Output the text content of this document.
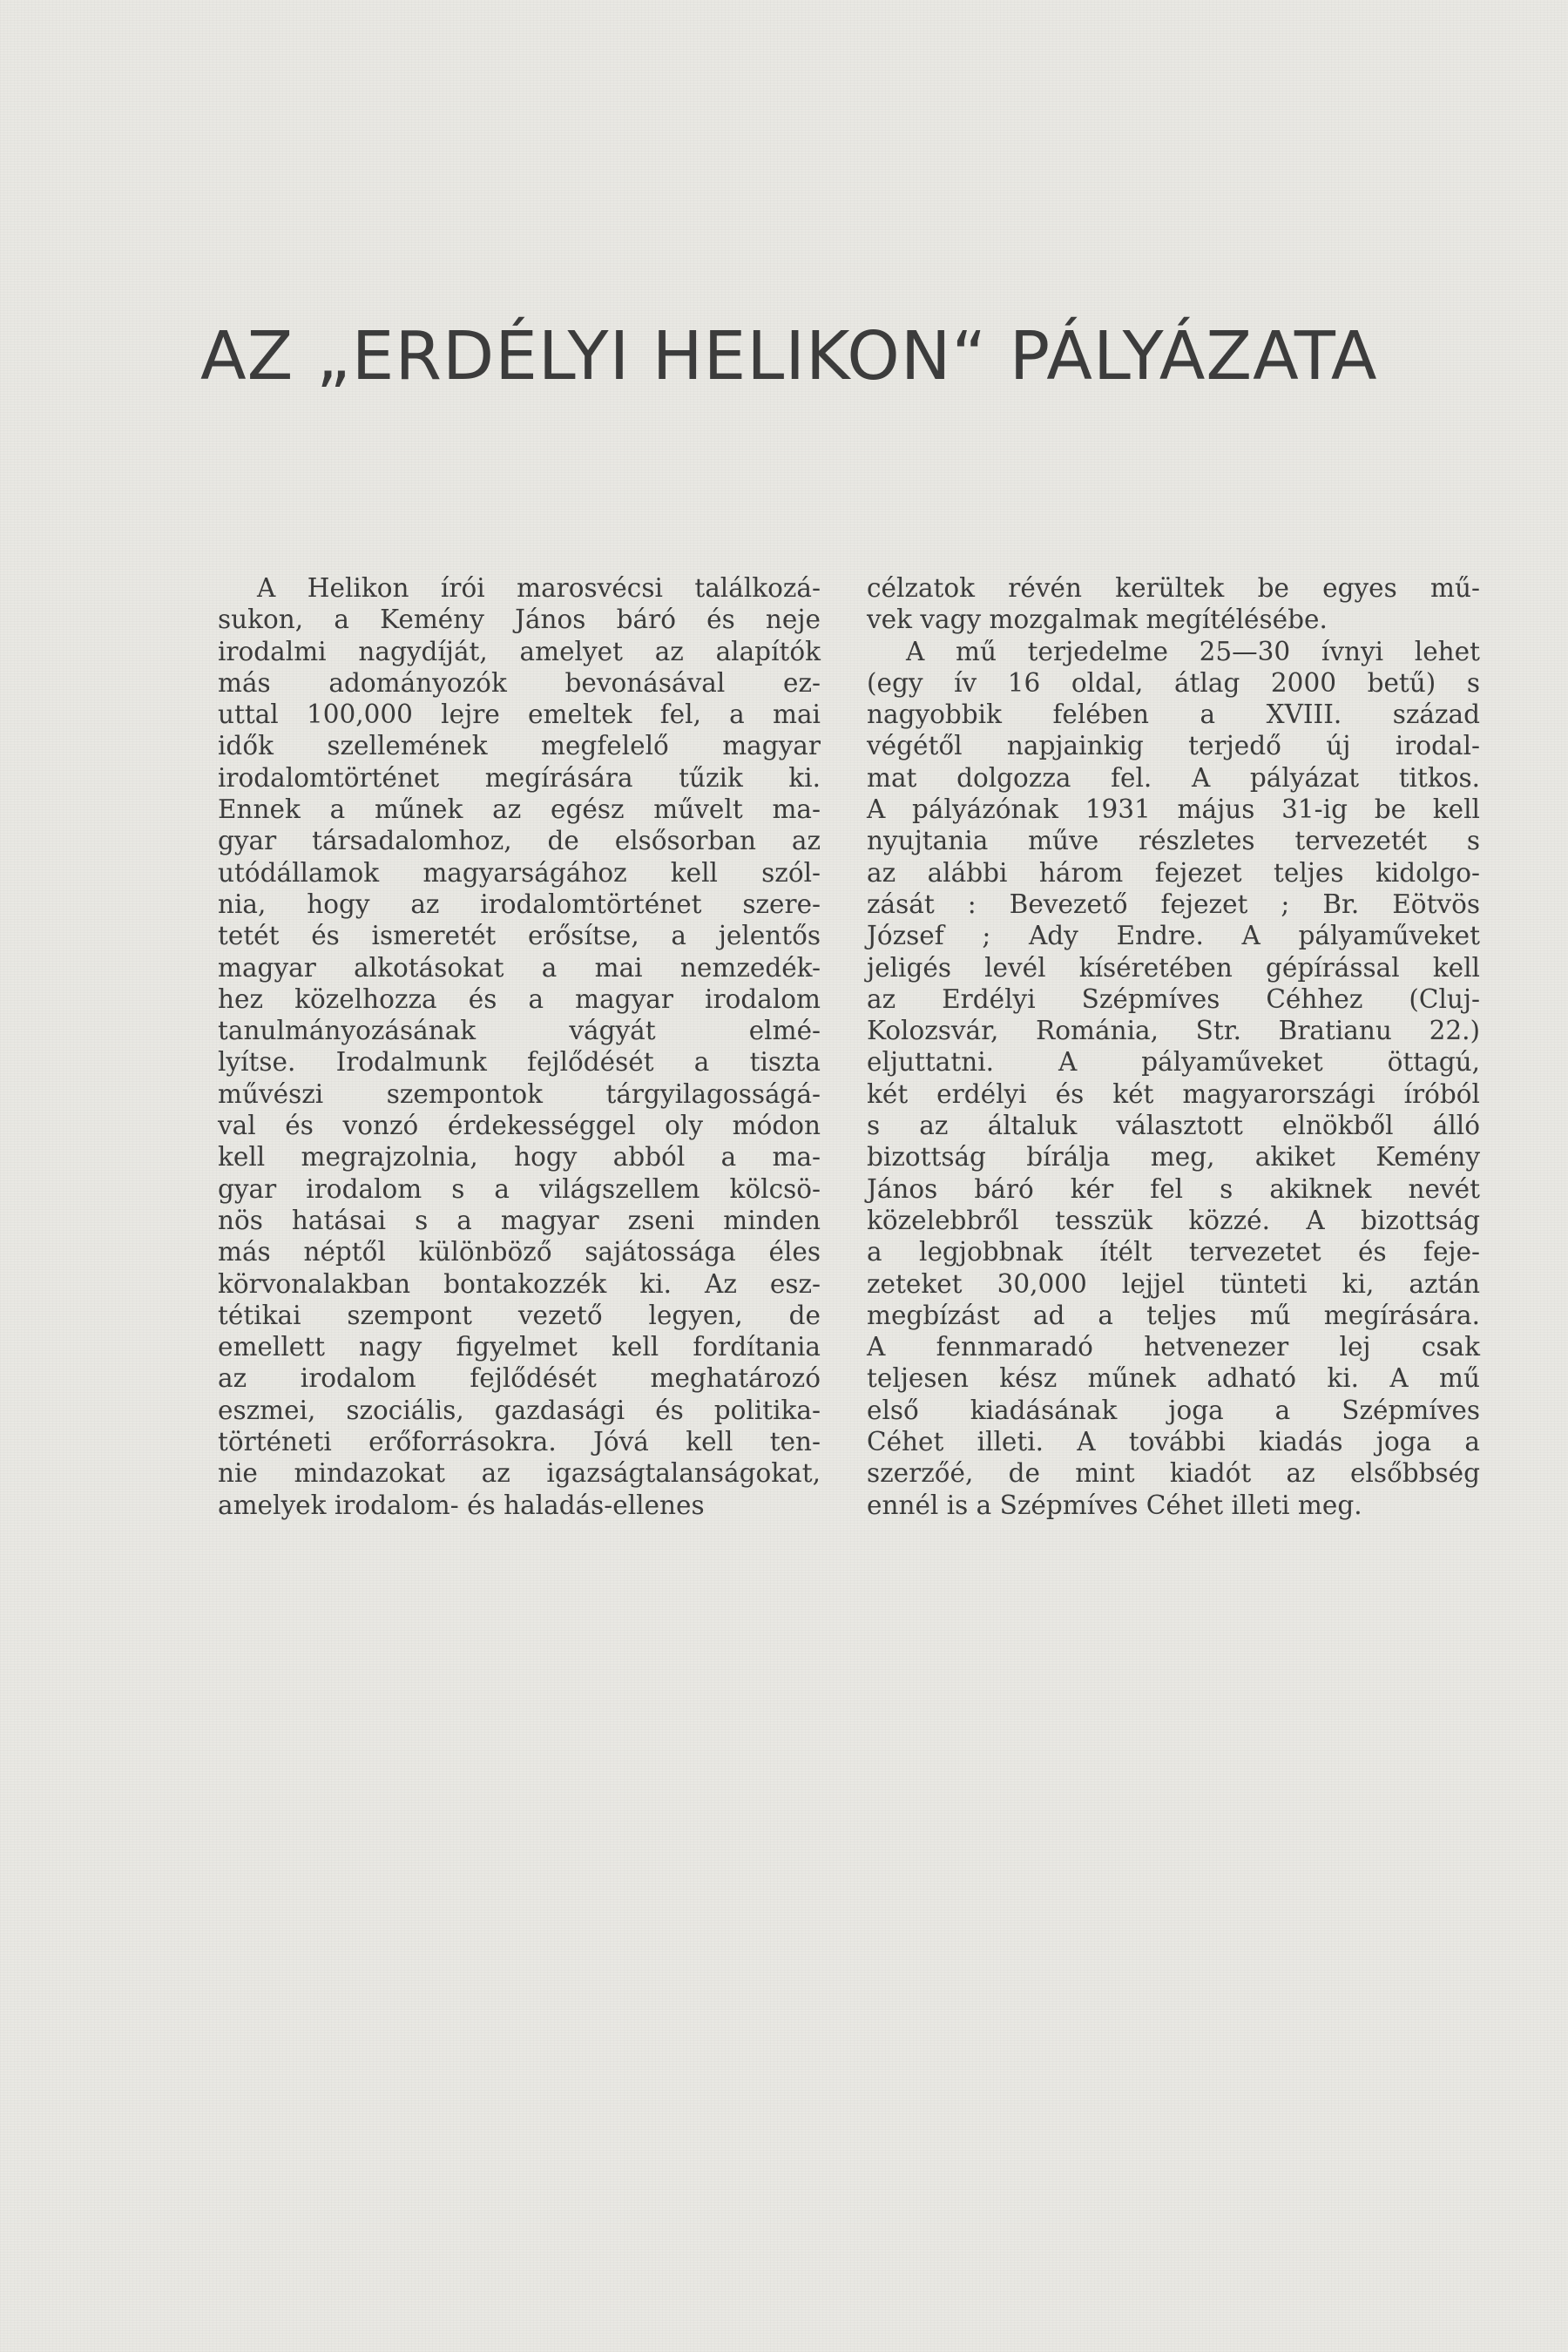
AZ „ERDÉLYI HELIKON“ PÁLYÁZATA
A Helikon írói marosvécsi találkozá-
sukon, a Kemény János báró és neje
irodalmi nagydíját, amelyet az alapítók
más adományozók bevonásával ez-
uttal 100,000 lejre emeltek fel, a mai
idők szellemének megfelelő magyar
irodalomtörténet megírására tűzik ki.
Ennek a műnek az egész művelt ma-
gyar társadalomhoz, de elsősorban az
utódállamok magyarságához kell szól-
nia, hogy az irodalomtörténet szere-
tetét és ismeretét erősítse, a jelentős
magyar alkotásokat a mai nemzedék-
hez közelhozza és a magyar irodalom
tanulmányozásának vágyát elmé-
lyítse. Irodalmunk fejlődését a tiszta
művészi szempontok tárgyilagosságá-
val és vonzó érdekességgel oly módon
kell megrajzolnia, hogy abból a ma-
gyar irodalom s a világszellem kölcsö-
nös hatásai s a magyar zseni minden
más néptől különböző sajátossága éles
körvonalakban bontakozzék ki. Az esz-
tétikai szempont vezető legyen, de
emellett nagy figyelmet kell fordítania
az irodalom fejlődését meghatározó
eszmei, szociális, gazdasági és politika-
történeti erőforrásokra. Jóvá kell ten-
nie mindazokat az igazságtalanságokat,
amelyek irodalom- és haladás-ellenes
célzatok révén kerültek be egyes mű-
vek vagy mozgalmak megítélésébe.
A mű terjedelme 25—30 ívnyi lehet
(egy ív 16 oldal, átlag 2000 betű) s
nagyobbik felében a XVIII. század
végétől napjainkig terjedő új irodal-
mat dolgozza fel. A pályázat titkos.
A pályázónak 1931 május 31-ig be kell
nyujtania műve részletes tervezetét s
az alábbi három fejezet teljes kidolgo-
zását : Bevezető fejezet ; Br. Eötvös
József ; Ady Endre. A pályaműveket
jeligés levél kíséretében gépírással kell
az Erdélyi Szépmíves Céhhez (Cluj-
Kolozsvár, Románia, Str. Bratianu 22.)
eljuttatni. A pályaműveket öttagú,
két erdélyi és két magyarországi íróból
s az általuk választott elnökből álló
bizottság bírálja meg, akiket Kemény
János báró kér fel s akiknek nevét
közelebbről tesszük közzé. A bizottság
a legjobbnak ítélt tervezetet és feje-
zeteket 30,000 lejjel tünteti ki, aztán
megbízást ad a teljes mű megírására.
A fennmaradó hetvenezer lej csak
teljesen kész műnek adható ki. A mű
első kiadásának joga a Szépmíves
Céhet illeti. A további kiadás joga a
szerzőé, de mint kiadót az elsőbbség
ennél is a Szépmíves Céhet illeti meg.
